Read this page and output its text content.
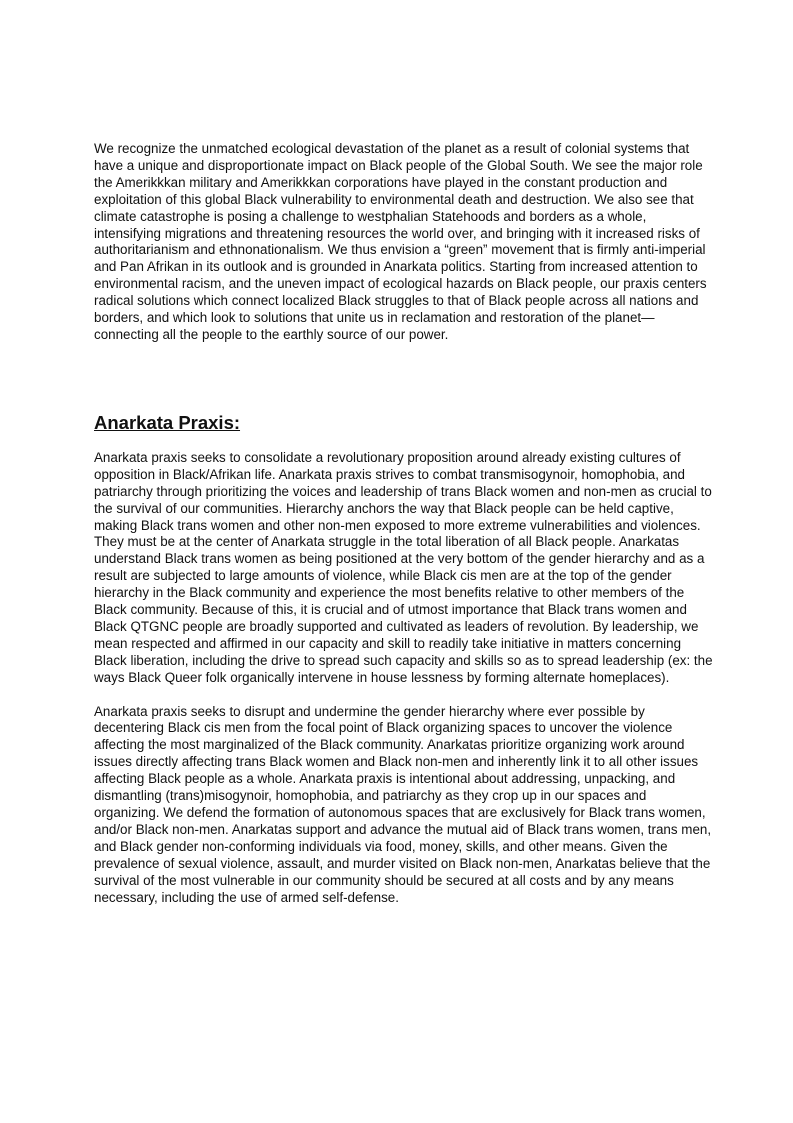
We recognize the unmatched ecological devastation of the planet as a result of colonial systems that have a unique and disproportionate impact on Black people of the Global South. We see the major role the Amerikkkan military and Amerikkkan corporations have played in the constant production and exploitation of this global Black vulnerability to environmental death and destruction. We also see that climate catastrophe is posing a challenge to westphalian Statehoods and borders as a whole, intensifying migrations and threatening resources the world over, and bringing with it increased risks of authoritarianism and ethnonationalism. We thus envision a “green” movement that is firmly anti-imperial and Pan Afrikan in its outlook and is grounded in Anarkata politics. Starting from increased attention to environmental racism, and the uneven impact of ecological hazards on Black people, our praxis centers radical solutions which connect localized Black struggles to that of Black people across all nations and borders, and which look to solutions that unite us in reclamation and restoration of the planet—connecting all the people to the earthly source of our power.

Anarkata Praxis:

Anarkata praxis seeks to consolidate a revolutionary proposition around already existing cultures of opposition in Black/Afrikan life. Anarkata praxis strives to combat transmisogynoir, homophobia, and patriarchy through prioritizing the voices and leadership of trans Black women and non-men as crucial to the survival of our communities. Hierarchy anchors the way that Black people can be held captive, making Black trans women and other non-men exposed to more extreme vulnerabilities and violences. They must be at the center of Anarkata struggle in the total liberation of all Black people. Anarkatas understand Black trans women as being positioned at the very bottom of the gender hierarchy and as a result are subjected to large amounts of violence, while Black cis men are at the top of the gender hierarchy in the Black community and experience the most benefits relative to other members of the Black community. Because of this, it is crucial and of utmost importance that Black trans women and Black QTGNC people are broadly supported and cultivated as leaders of revolution. By leadership, we mean respected and affirmed in our capacity and skill to readily take initiative in matters concerning Black liberation, including the drive to spread such capacity and skills so as to spread leadership (ex: the ways Black Queer folk organically intervene in house lessness by forming alternate homeplaces).

Anarkata praxis seeks to disrupt and undermine the gender hierarchy where ever possible by decentering Black cis men from the focal point of Black organizing spaces to uncover the violence affecting the most marginalized of the Black community. Anarkatas prioritize organizing work around issues directly affecting trans Black women and Black non-men and inherently link it to all other issues affecting Black people as a whole. Anarkata praxis is intentional about addressing, unpacking, and dismantling (trans)misogynoir, homophobia, and patriarchy as they crop up in our spaces and organizing. We defend the formation of autonomous spaces that are exclusively for Black trans women, and/or Black non-men. Anarkatas support and advance the mutual aid of Black trans women, trans men, and Black gender non-conforming individuals via food, money, skills, and other means. Given the prevalence of sexual violence, assault, and murder visited on Black non-men, Anarkatas believe that the survival of the most vulnerable in our community should be secured at all costs and by any means necessary, including the use of armed self-defense.
